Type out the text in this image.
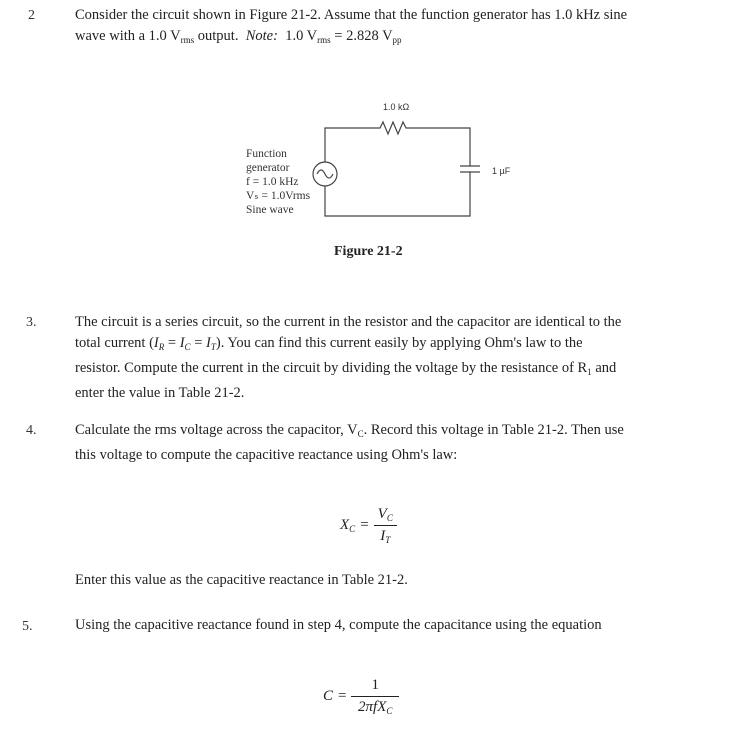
2	Consider the circuit shown in Figure 21-2. Assume that the function generator has 1.0 kHz sine

wave with a 1.0 $V_{rms}$ output. Note: 1.0 $V_{rms} = 2.828$ $V_{pp}$

1.0 kΩ
1 µF
Function
generator
f = 1.0 kHz
Vₛ = 1.0Vrms
Sine wave
Figure 21-2
3.	The circuit is a series circuit, so the current in the resistor and the capacitor are identical to the

total current $(I_R = I_C = I_T)$. You can find this current easily by applying Ohm's law to the

resistor. Compute the current in the circuit by dividing the voltage by the resistance of $R_1$ and

enter the value in Table 21-2.

4.	Calculate the rms voltage across the capacitor, $V_C$. Record this voltage in Table 21-2. Then use

this voltage to compute the capacitive reactance using Ohm's law:

$X_C = \frac{V_C}{I_T}$
Enter this value as the capacitive reactance in Table 21-2.
5.	Using the capacitive reactance found in step 4, compute the capacitance using the equation
$C = \frac{1}{2\pi fX_C}$
